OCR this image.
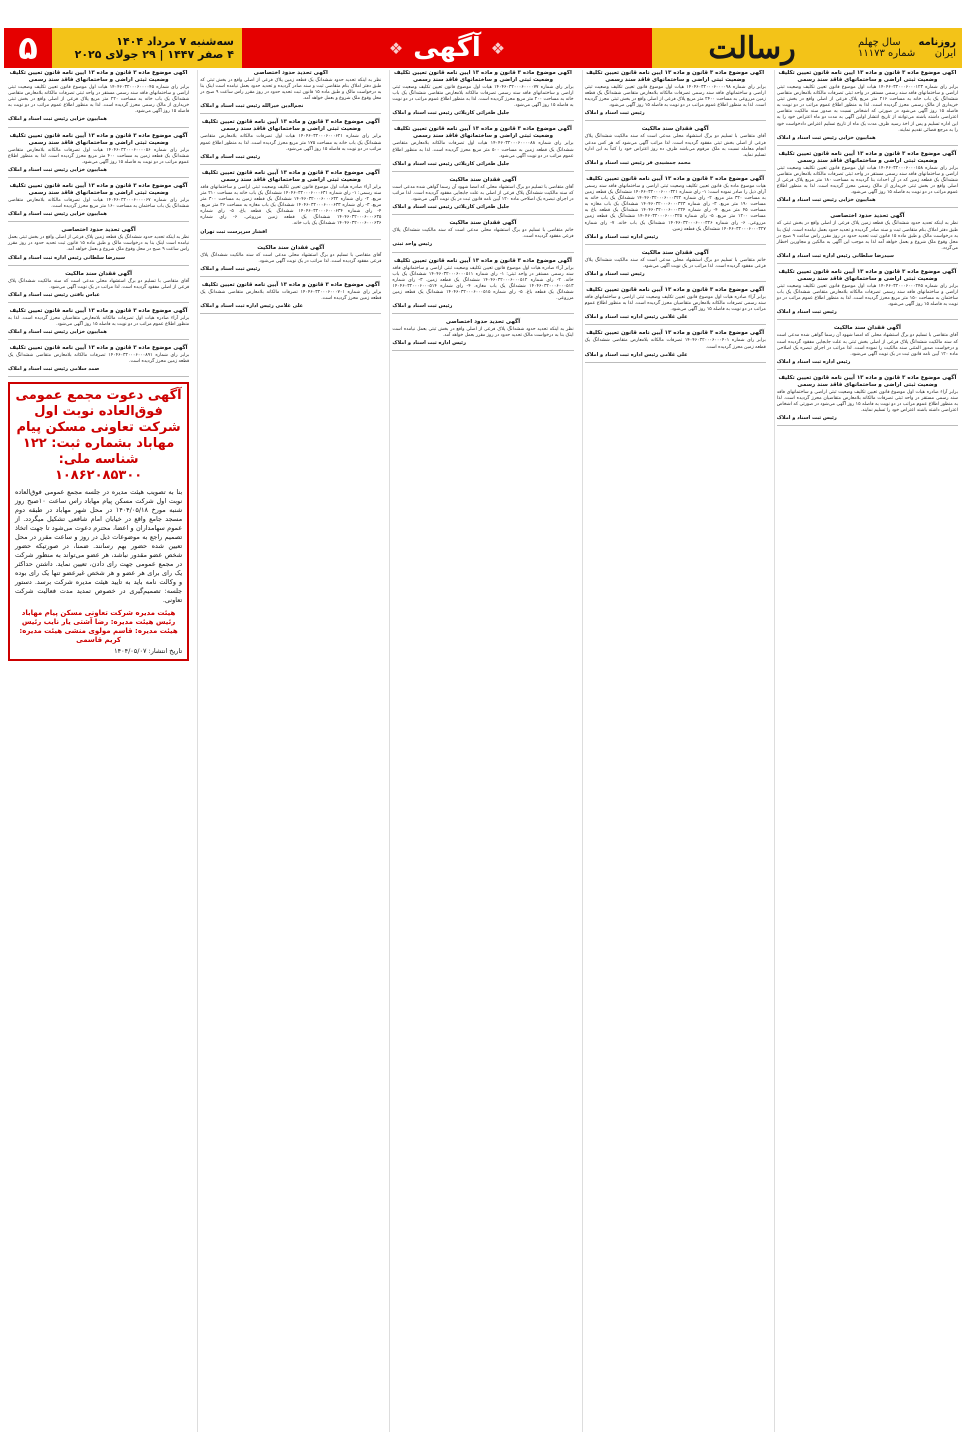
روزنامه
سال چهلم
ایران
شماره ۱۱۱۷۳
رسالت
❖
آگهی
❖
سه‌شنبه ۷ مرداد ۱۴۰۴
۴ صفر ۱۴۴۷ | ۲۹ جولای ۲۰۲۵
۵
آگهی موضوع ماده ۳ قانون و ماده ۱۳ آیین نامه قانون تعیین تکلیف وضعیت ثبتی اراضی و ساختمانهای فاقد سند رسمی
برابر رای شماره ۱۴۰۴۶۰۳۲۰۰۰۶۰۰۰۱۲۳ هیات اول موضوع قانون تعیین تکلیف وضعیت ثبتی اراضی و ساختمانهای فاقد سند رسمی مستقر در واحد ثبتی تصرفات مالکانه بلامعارض متقاضی ششدانگ یک باب خانه به مساحت ۲۱۶ متر مربع پلاک فرعی از اصلی واقع در بخش ثبتی خریداری از مالک رسمی محرز گردیده است. لذا به منظور اطلاع عموم مراتب در دو نوبت به فاصله ۱۵ روز آگهی می‌شود در صورتی که اشخاص نسبت به صدور سند مالکیت متقاضی اعتراضی داشته باشند می‌توانند از تاریخ انتشار اولین آگهی به مدت دو ماه اعتراض خود را به این اداره تسلیم و پس از اخذ رسید ظرف مدت یک ماه از تاریخ تسلیم اعتراض دادخواست خود را به مرجع قضائی تقدیم نمایند.
هماییون خزایی رئیس ثبت اسناد و املاک
آگهی موضوع ماده ۳ قانون و ماده ۱۳ آیین نامه قانون تعیین تکلیف وضعیت ثبتی اراضی و ساختمانهای فاقد سند رسمی
برابر رای شماره ۱۴۰۴۶۰۳۲۰۰۰۶۰۰۰۱۵۸ هیات اول موضوع قانون تعیین تکلیف وضعیت ثبتی اراضی و ساختمانهای فاقد سند رسمی مستقر در واحد ثبتی تصرفات مالکانه بلامعارض متقاضی ششدانگ یک قطعه زمین که در آن احداث بنا گردیده به مساحت ۱۸۰ متر مربع پلاک فرعی از اصلی واقع در بخش ثبتی خریداری از مالک رسمی محرز گردیده است. لذا به منظور اطلاع عموم مراتب در دو نوبت به فاصله ۱۵ روز آگهی می‌شود.
هماییون خزایی رئیس ثبت اسناد و املاک
آگهی تحدید حدود اختصاصی
نظر به اینکه تحدید حدود ششدانگ یک قطعه زمین پلاک فرعی از اصلی واقع در بخش ثبتی که طبق دفتر املاک بنام متقاضی ثبت و سند صادر گردیده و تحدید حدود بعمل نیامده است. اینک بنا به درخواست مالک و طبق ماده ۱۵ قانون ثبت تحدید حدود در روز مقرر راس ساعت ۹ صبح در محل وقوع ملک شروع و بعمل خواهد آمد لذا به موجب این آگهی به مالکین و مجاورین اخطار می‌گردد.
سیدرضا سلطانی رئیس اداره ثبت اسناد و املاک
آگهی موضوع ماده ۳ قانون و ماده ۱۳ آیین نامه قانون تعیین تکلیف وضعیت ثبتی اراضی و ساختمانهای فاقد سند رسمی
برابر رای شماره ۱۴۰۴۶۰۳۲۰۰۰۶۰۰۰۲۴۵ هیات اول موضوع قانون تعیین تکلیف وضعیت ثبتی اراضی و ساختمانهای فاقد سند رسمی تصرفات مالکانه بلامعارض متقاضی ششدانگ یک باب ساختمان به مساحت ۱۵۰ متر مربع محرز گردیده است. لذا به منظور اطلاع عموم مراتب در دو نوبت به فاصله ۱۵ روز آگهی می‌شود.
رئیس ثبت اسناد و املاک
آگهی فقدان سند مالکیت
آقای متقاضی با تسلیم دو برگ استشهاد محلی که امضا شهود آن رسما گواهی شده مدعی است که سند مالکیت ششدانگ پلاک فرعی از اصلی بخش ثبتی به علت جابجایی مفقود گردیده است و درخواست صدور المثنی سند مالکیت را نموده است. لذا مراتب در اجرای تبصره یک اصلاحی ماده ۱۲۰ آیین نامه قانون ثبت در یک نوبت آگهی می‌شود.
رئیس اداره ثبت اسناد و املاک
آگهی موضوع ماده ۳ قانون و ماده ۱۳ آیین نامه قانون تعیین تکلیف وضعیت ثبتی اراضی و ساختمانهای فاقد سند رسمی
برابر آراء صادره هیات اول موضوع قانون تعیین تکلیف وضعیت ثبتی اراضی و ساختمانهای فاقد سند رسمی مستقر در واحد ثبتی تصرفات مالکانه بلامعارض متقاضیان محرز گردیده است. لذا به منظور اطلاع عموم مراتب در دو نوبت به فاصله ۱۵ روز آگهی می‌شود در صورتی که اشخاص اعتراضی داشته باشند اعتراض خود را تسلیم نمایند.
رئیس ثبت اسناد و املاک
آگهی موضوع ماده ۳ قانون و ماده ۱۳ آیین نامه قانون تعیین تکلیف وضعیت ثبتی اراضی و ساختمانهای فاقد سند رسمی
برابر رای شماره ۱۴۰۴۶۰۳۲۰۰۰۶۰۰۰۰۹۸ هیات اول موضوع قانون تعیین تکلیف وضعیت ثبتی اراضی و ساختمانهای فاقد سند رسمی تصرفات مالکانه بلامعارض متقاضی ششدانگ یک قطعه زمین مزروعی به مساحت ۲۴۰۰ متر مربع پلاک فرعی از اصلی واقع در بخش ثبتی محرز گردیده است. لذا به منظور اطلاع عموم مراتب در دو نوبت به فاصله ۱۵ روز آگهی می‌شود.
رئیس ثبت اسناد و املاک
آگهی فقدان سند مالکیت
آقای متقاضی با تسلیم دو برگ استشهاد محلی مدعی است که سند مالکیت ششدانگ پلاک فرعی از اصلی بخش ثبتی مفقود گردیده است. لذا مراتب آگهی می‌شود که هر کس مدعی انجام معامله نسبت به ملک مرقوم می‌باشد ظرف ده روز اعتراض خود را کتباً به این اداره تسلیم نماید.
محمد جمشیدی فر رئیس ثبت اسناد و املاک
آگهی موضوع ماده ۳ قانون و ماده ۱۳ آیین نامه قانون تعیین تکلیف
هیات موضوع ماده یک قانون تعیین تکلیف وضعیت ثبتی اراضی و ساختمانهای فاقد سند رسمی آرای ذیل را صادر نموده است: ۱- رای شماره ۱۴۰۴۶۰۳۲۰۰۰۶۰۰۰۳۲۱ ششدانگ یک قطعه زمین به مساحت ۳۲۰ متر مربع. ۲- رای شماره ۱۴۰۴۶۰۳۲۰۰۰۶۰۰۰۳۲۲ ششدانگ یک باب خانه به مساحت ۱۹۰ متر مربع. ۳- رای شماره ۱۴۰۴۶۰۳۲۰۰۰۶۰۰۰۳۲۳ ششدانگ یک باب مغازه به مساحت ۴۵ متر مربع. ۴- رای شماره ۱۴۰۴۶۰۳۲۰۰۰۶۰۰۰۳۲۴ ششدانگ یک قطعه باغ به مساحت ۱۲۰۰ متر مربع. ۵- رای شماره ۱۴۰۴۶۰۳۲۰۰۰۶۰۰۰۳۲۵ ششدانگ یک قطعه زمین مزروعی. ۶- رای شماره ۱۴۰۴۶۰۳۲۰۰۰۶۰۰۰۳۲۶ ششدانگ یک باب خانه. ۷- رای شماره ۱۴۰۴۶۰۳۲۰۰۰۶۰۰۰۳۲۷ ششدانگ یک قطعه زمین.
رئیس اداره ثبت اسناد و املاک
آگهی فقدان سند مالکیت
خانم متقاضی با تسلیم دو برگ استشهاد محلی مدعی است که سند مالکیت ششدانگ پلاک فرعی مفقود گردیده است. لذا مراتب در یک نوبت آگهی می‌شود.
رئیس ثبت اسناد و املاک
آگهی موضوع ماده ۳ قانون و ماده ۱۳ آیین نامه قانون تعیین تکلیف
برابر آراء صادره هیات اول موضوع قانون تعیین تکلیف وضعیت ثبتی اراضی و ساختمانهای فاقد سند رسمی تصرفات مالکانه بلامعارض متقاضیان محرز گردیده است. لذا به منظور اطلاع عموم مراتب در دو نوبت به فاصله ۱۵ روز آگهی می‌شود.
علی غلامی رئیس اداره ثبت اسناد و املاک
آگهی موضوع ماده ۳ قانون و ماده ۱۳ آیین نامه قانون تعیین تکلیف
برابر رای شماره ۱۴۰۴۶۰۳۲۰۰۰۶۰۰۰۴۰۱ تصرفات مالکانه بلامعارض متقاضی ششدانگ یک قطعه زمین محرز گردیده است.
علی غلامی رئیس اداره ثبت اسناد و املاک
آگهی موضوع ماده ۳ قانون و ماده ۱۳ آیین نامه قانون تعیین تکلیف وضعیت ثبتی اراضی و ساختمانهای فاقد سند رسمی
برابر رای شماره ۱۴۰۴۶۰۳۲۰۰۰۶۰۰۰۰۷۷ هیات اول موضوع قانون تعیین تکلیف وضعیت ثبتی اراضی و ساختمانهای فاقد سند رسمی تصرفات مالکانه بلامعارض متقاضی ششدانگ یک باب خانه به مساحت ۲۰۰ متر مربع محرز گردیده است. لذا به منظور اطلاع عموم مراتب در دو نوبت به فاصله ۱۵ روز آگهی می‌شود.
جلیل طغرائی کاربلائی رئیس ثبت اسناد و املاک
آگهی موضوع ماده ۳ قانون و ماده ۱۳ آیین نامه قانون تعیین تکلیف وضعیت ثبتی اراضی و ساختمانهای فاقد سند رسمی
برابر رای شماره ۱۴۰۴۶۰۳۲۰۰۰۶۰۰۰۰۸۸ هیات اول تصرفات مالکانه بلامعارض متقاضی ششدانگ یک قطعه زمین به مساحت ۵۰۰ متر مربع محرز گردیده است. لذا به منظور اطلاع عموم مراتب در دو نوبت آگهی می‌شود.
جلیل طغرائی کاربلائی رئیس ثبت اسناد و املاک
آگهی فقدان سند مالکیت
آقای متقاضی با تسلیم دو برگ استشهاد محلی که امضا شهود آن رسما گواهی شده مدعی است که سند مالکیت ششدانگ پلاک فرعی از اصلی به علت جابجایی مفقود گردیده است. لذا مراتب در اجرای تبصره یک اصلاحی ماده ۱۲۰ آیین نامه قانون ثبت در یک نوبت آگهی می‌شود.
جلیل طغرائی کاربلائی رئیس ثبت اسناد و املاک
آگهی فقدان سند مالکیت
خانم متقاضی با تسلیم دو برگ استشهاد محلی مدعی است که سند مالکیت ششدانگ پلاک فرعی مفقود گردیده است.
رئیس واحد ثبتی
آگهی موضوع ماده ۳ قانون و ماده ۱۳ آیین نامه قانون تعیین تکلیف
برابر آراء صادره هیات اول موضوع قانون تعیین تکلیف وضعیت ثبتی اراضی و ساختمانهای فاقد سند رسمی مستقر در واحد ثبتی: ۱- رای شماره ۱۴۰۴۶۰۳۲۰۰۰۶۰۰۰۵۱۱ ششدانگ یک باب خانه. ۲- رای شماره ۱۴۰۴۶۰۳۲۰۰۰۶۰۰۰۵۱۲ ششدانگ یک قطعه زمین. ۳- رای شماره ۱۴۰۴۶۰۳۲۰۰۰۶۰۰۰۵۱۳ ششدانگ یک باب مغازه. ۴- رای شماره ۱۴۰۴۶۰۳۲۰۰۰۶۰۰۰۵۱۴ ششدانگ یک قطعه باغ. ۵- رای شماره ۱۴۰۴۶۰۳۲۰۰۰۶۰۰۰۵۱۵ ششدانگ یک قطعه زمین مزروعی.
رئیس ثبت اسناد و املاک
آگهی تحدید حدود اختصاصی
نظر به اینکه تحدید حدود ششدانگ پلاک فرعی از اصلی واقع در بخش ثبتی بعمل نیامده است اینک بنا به درخواست مالک تحدید حدود در روز مقرر بعمل خواهد آمد.
رئیس اداره ثبت اسناد و املاک
آگهی تحدید حدود اختصاصی
نظر به اینکه تحدید حدود ششدانگ یک قطعه زمین پلاک فرعی از اصلی واقع در بخش ثبتی که طبق دفتر املاک بنام متقاضی ثبت و سند صادر گردیده و تحدید حدود بعمل نیامده است اینک بنا به درخواست مالک و طبق ماده ۱۵ قانون ثبت تحدید حدود در روز مقرر راس ساعت ۹ صبح در محل وقوع ملک شروع و بعمل خواهد آمد.
نجم‌الدین خیرالله رئیس ثبت اسناد و املاک
آگهی موضوع ماده ۳ قانون و ماده ۱۳ آیین نامه قانون تعیین تکلیف وضعیت ثبتی اراضی و ساختمانهای فاقد سند رسمی
برابر رای شماره ۱۴۰۴۶۰۳۲۰۰۰۶۰۰۰۶۲۱ هیات اول تصرفات مالکانه بلامعارض متقاضی ششدانگ یک باب خانه به مساحت ۱۷۵ متر مربع محرز گردیده است. لذا به منظور اطلاع عموم مراتب در دو نوبت به فاصله ۱۵ روز آگهی می‌شود.
رئیس ثبت اسناد و املاک
آگهی موضوع ماده ۳ قانون و ماده ۱۳ آیین نامه قانون تعیین تکلیف وضعیت ثبتی اراضی و ساختمانهای فاقد سند رسمی
برابر آراء صادره هیات اول موضوع قانون تعیین تکلیف وضعیت ثبتی اراضی و ساختمانهای فاقد سند رسمی: ۱- رای شماره ۱۴۰۴۶۰۳۲۰۰۰۶۰۰۰۶۳۱ ششدانگ یک باب خانه به مساحت ۲۱۰ متر مربع. ۲- رای شماره ۱۴۰۴۶۰۳۲۰۰۰۶۰۰۰۶۳۲ ششدانگ یک قطعه زمین به مساحت ۳۰۰ متر مربع. ۳- رای شماره ۱۴۰۴۶۰۳۲۰۰۰۶۰۰۰۶۳۳ ششدانگ یک باب مغازه به مساحت ۳۶ متر مربع. ۴- رای شماره ۱۴۰۴۶۰۳۲۰۰۰۶۰۰۰۶۳۴ ششدانگ یک قطعه باغ. ۵- رای شماره ۱۴۰۴۶۰۳۲۰۰۰۶۰۰۰۶۳۵ ششدانگ یک قطعه زمین مزروعی. ۶- رای شماره ۱۴۰۴۶۰۳۲۰۰۰۶۰۰۰۶۳۶ ششدانگ یک باب خانه.
افشار سرپرست ثبت تهران
آگهی فقدان سند مالکیت
آقای متقاضی با تسلیم دو برگ استشهاد محلی مدعی است که سند مالکیت ششدانگ پلاک فرعی مفقود گردیده است. لذا مراتب در یک نوبت آگهی می‌شود.
رئیس ثبت اسناد و املاک
آگهی موضوع ماده ۳ قانون و ماده ۱۳ آیین نامه قانون تعیین تکلیف
برابر رای شماره ۱۴۰۴۶۰۳۲۰۰۰۶۰۰۰۷۰۱ تصرفات مالکانه بلامعارض متقاضی ششدانگ یک قطعه زمین محرز گردیده است.
علی غلامی رئیس اداره ثبت اسناد و املاک
آگهی موضوع ماده ۳ قانون و ماده ۱۳ آیین نامه قانون تعیین تکلیف وضعیت ثبتی اراضی و ساختمانهای فاقد سند رسمی
برابر رای شماره ۱۴۰۴۶۰۳۲۰۰۰۶۰۰۰۰۴۵ هیات اول موضوع قانون تعیین تکلیف وضعیت ثبتی اراضی و ساختمانهای فاقد سند رسمی مستقر در واحد ثبتی تصرفات مالکانه بلامعارض متقاضی ششدانگ یک باب خانه به مساحت ۲۲۰ متر مربع پلاک فرعی از اصلی واقع در بخش ثبتی خریداری از مالک رسمی محرز گردیده است. لذا به منظور اطلاع عموم مراتب در دو نوبت به فاصله ۱۵ روز آگهی می‌شود.
هماییون خزایی رئیس ثبت اسناد و املاک
آگهی موضوع ماده ۳ قانون و ماده ۱۳ آیین نامه قانون تعیین تکلیف وضعیت ثبتی اراضی و ساختمانهای فاقد سند رسمی
برابر رای شماره ۱۴۰۴۶۰۳۲۰۰۰۶۰۰۰۰۵۶ هیات اول تصرفات مالکانه بلامعارض متقاضی ششدانگ یک قطعه زمین به مساحت ۴۰۰ متر مربع محرز گردیده است. لذا به منظور اطلاع عموم مراتب در دو نوبت به فاصله ۱۵ روز آگهی می‌شود.
هماییون خزایی رئیس ثبت اسناد و املاک
آگهی موضوع ماده ۳ قانون و ماده ۱۳ آیین نامه قانون تعیین تکلیف وضعیت ثبتی اراضی و ساختمانهای فاقد سند رسمی
برابر رای شماره ۱۴۰۴۶۰۳۲۰۰۰۶۰۰۰۰۶۷ هیات اول تصرفات مالکانه بلامعارض متقاضی ششدانگ یک باب ساختمان به مساحت ۱۶۰ متر مربع محرز گردیده است.
هماییون خزایی رئیس ثبت اسناد و املاک
آگهی تحدید حدود اختصاصی
نظر به اینکه تحدید حدود ششدانگ یک قطعه زمین پلاک فرعی از اصلی واقع در بخش ثبتی بعمل نیامده است اینک بنا به درخواست مالک و طبق ماده ۱۵ قانون ثبت تحدید حدود در روز مقرر راس ساعت ۹ صبح در محل وقوع ملک شروع و بعمل خواهد آمد.
سیدرضا سلطانی رئیس اداره ثبت اسناد و املاک
آگهی فقدان سند مالکیت
آقای متقاضی با تسلیم دو برگ استشهاد محلی مدعی است که سند مالکیت ششدانگ پلاک فرعی از اصلی مفقود گردیده است. لذا مراتب در یک نوبت آگهی می‌شود.
عباس بافتی رئیس ثبت اسناد و املاک
آگهی موضوع ماده ۳ قانون و ماده ۱۳ آیین نامه قانون تعیین تکلیف
برابر آراء صادره هیات اول تصرفات مالکانه بلامعارض متقاضیان محرز گردیده است. لذا به منظور اطلاع عموم مراتب در دو نوبت به فاصله ۱۵ روز آگهی می‌شود.
هماییون خزایی رئیس ثبت اسناد و املاک
آگهی موضوع ماده ۳ قانون و ماده ۱۳ آیین نامه قانون تعیین تکلیف
برابر رای شماره ۱۴۰۴۶۰۳۲۰۰۰۶۰۰۰۸۹۱ تصرفات مالکانه بلامعارض متقاضی ششدانگ یک قطعه زمین محرز گردیده است.
صمد سلامی رئیس ثبت اسناد و املاک
آگهی دعوت مجمع عمومی فوق‌العاده نوبت اول شرکت تعاونی مسکن پیام مهاباد بشماره ثبت: ۱۲۲ شناسه ملی: ۱۰۸۶۲۰۸۵۳۰۰
بنا به تصویب هیئت مدیره در جلسه مجمع عمومی فوق‌العاده نوبت اول شرکت مسکن پیام مهاباد راس ساعت ۱۰صبح روز شنبه مورخ ۱۴۰۴/۰۵/۱۸ در محل شهر مهاباد در طبقه دوم مسجد جامع واقع در خیابان امام شافعی تشکیل میگردد. از عموم سهامداران و اعضا، محترم دعوت می‌شود تا جهت اتخاذ تصمیم راجع به موضوعات ذیل در روز و ساعت مقرر در محل تعیین شده حضور بهم رسانند. ضمنا، در صورتیکه حضور شخص عضو مقدور نباشد، هر عضو می‌تواند به منظور شرکت در مجمع عمومی جهت رای دادن، تعیین نماید. داشتن حداکثر یک رای برای هر عضو و هر شخص غیرعضو تنها یک رای بوده و وکالت نامه باید به تایید هیئت مدیره شرکت برسد. دستور جلسه: تصمیم‌گیری در خصوص تمدید مدت فعالیت شرکت تعاونی.
هیئت مدیره شرکت تعاونی مسکن پیام مهاباد رئیس هیئت مدیره: رضا آشتی یار نایب رئیس هیئت مدیره: قاسم مولوی منشی هیئت مدیره: کریم قاسمی
تاریخ انتشار: ۱۴۰۴/۰۵/۰۷
